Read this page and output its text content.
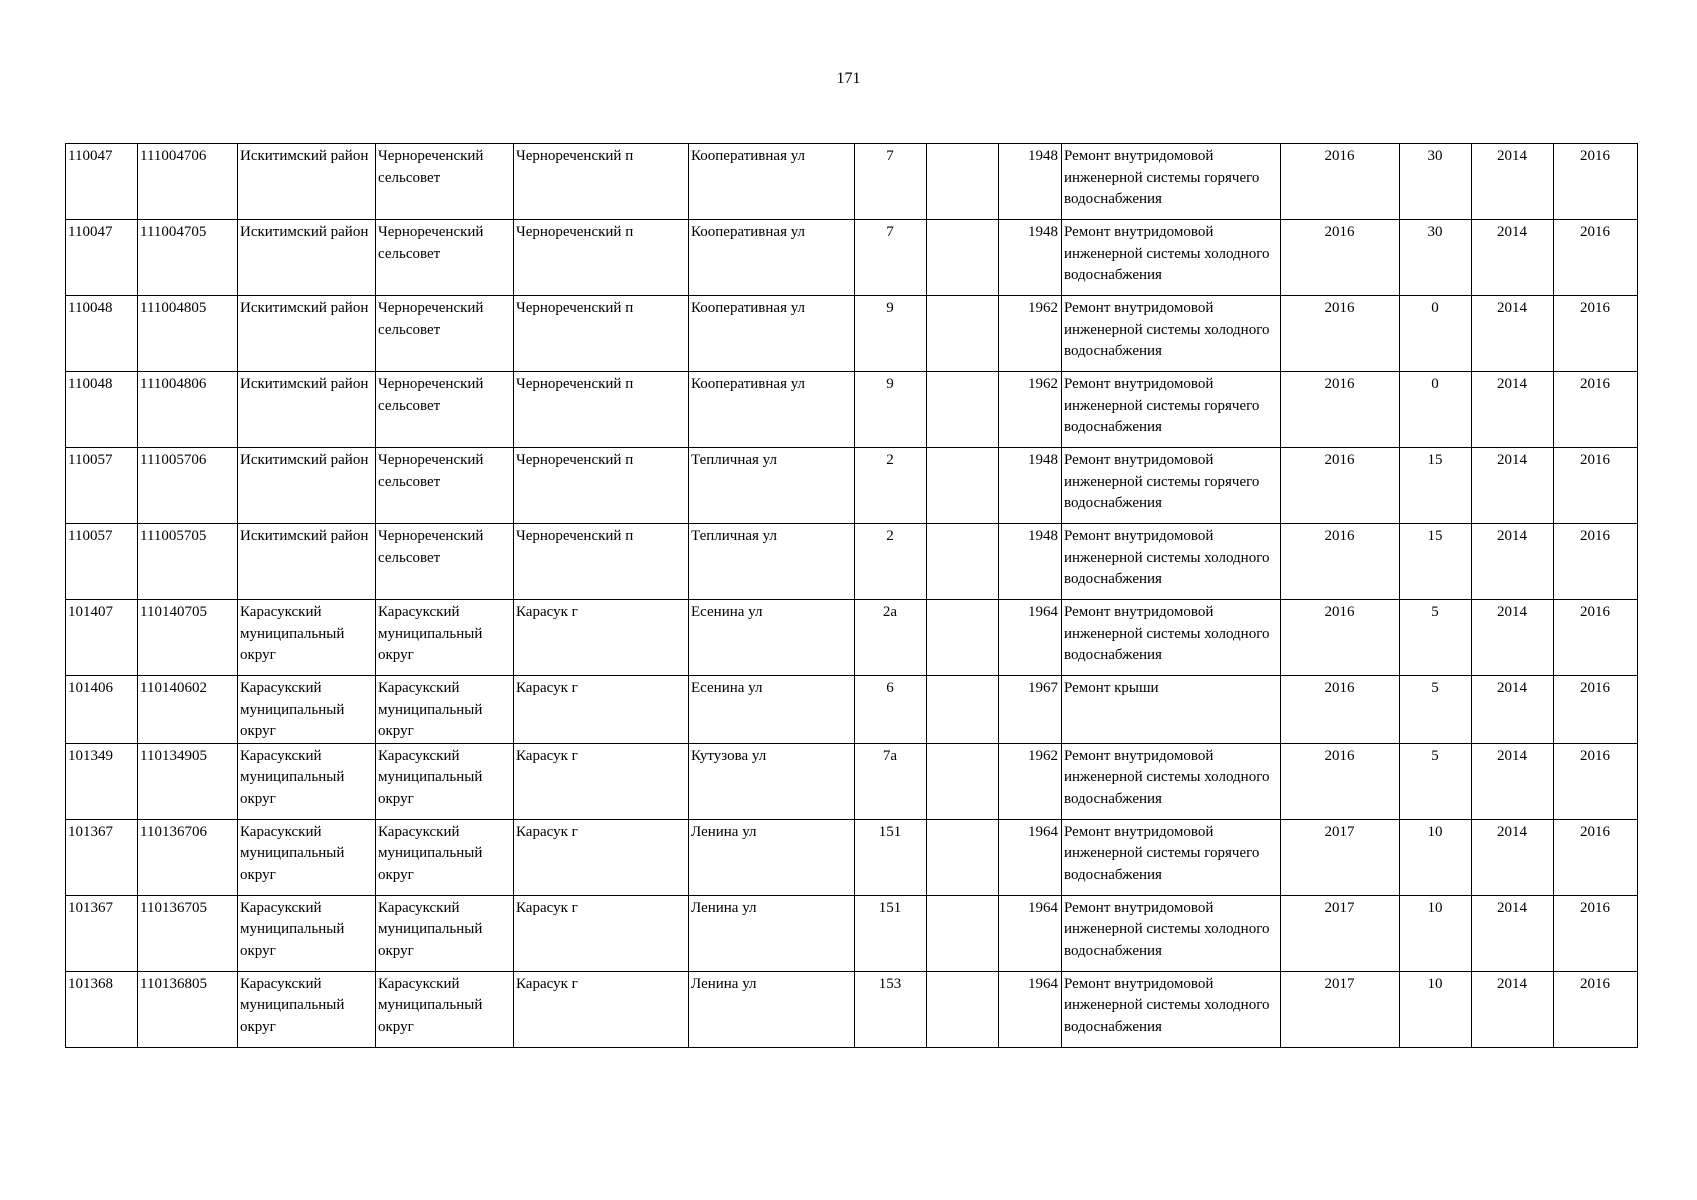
171
110047	111004706	Искитимский район	Чернореченский сельсовет	Чернореченский п	Кооперативная ул	7		1948	Ремонт внутридомовой инженерной системы горячего водоснабжения	2016	30	2014	2016
110047	111004705	Искитимский район	Чернореченский сельсовет	Чернореченский п	Кооперативная ул	7		1948	Ремонт внутридомовой инженерной системы холодного водоснабжения	2016	30	2014	2016
110048	111004805	Искитимский район	Чернореченский сельсовет	Чернореченский п	Кооперативная ул	9		1962	Ремонт внутридомовой инженерной системы холодного водоснабжения	2016	0	2014	2016
110048	111004806	Искитимский район	Чернореченский сельсовет	Чернореченский п	Кооперативная ул	9		1962	Ремонт внутридомовой инженерной системы горячего водоснабжения	2016	0	2014	2016
110057	111005706	Искитимский район	Чернореченский сельсовет	Чернореченский п	Тепличная ул	2		1948	Ремонт внутридомовой инженерной системы горячего водоснабжения	2016	15	2014	2016
110057	111005705	Искитимский район	Чернореченский сельсовет	Чернореченский п	Тепличная ул	2		1948	Ремонт внутридомовой инженерной системы холодного водоснабжения	2016	15	2014	2016
101407	110140705	Карасукский муниципальный округ	Карасукский муниципальный округ	Карасук г	Есенина ул	2а		1964	Ремонт внутридомовой инженерной системы холодного водоснабжения	2016	5	2014	2016
101406	110140602	Карасукский муниципальный округ	Карасукский муниципальный округ	Карасук г	Есенина ул	6		1967	Ремонт крыши	2016	5	2014	2016
101349	110134905	Карасукский муниципальный округ	Карасукский муниципальный округ	Карасук г	Кутузова ул	7а		1962	Ремонт внутридомовой инженерной системы холодного водоснабжения	2016	5	2014	2016
101367	110136706	Карасукский муниципальный округ	Карасукский муниципальный округ	Карасук г	Ленина ул	151		1964	Ремонт внутридомовой инженерной системы горячего водоснабжения	2017	10	2014	2016
101367	110136705	Карасукский муниципальный округ	Карасукский муниципальный округ	Карасук г	Ленина ул	151		1964	Ремонт внутридомовой инженерной системы холодного водоснабжения	2017	10	2014	2016
101368	110136805	Карасукский муниципальный округ	Карасукский муниципальный округ	Карасук г	Ленина ул	153		1964	Ремонт внутридомовой инженерной системы холодного водоснабжения	2017	10	2014	2016
